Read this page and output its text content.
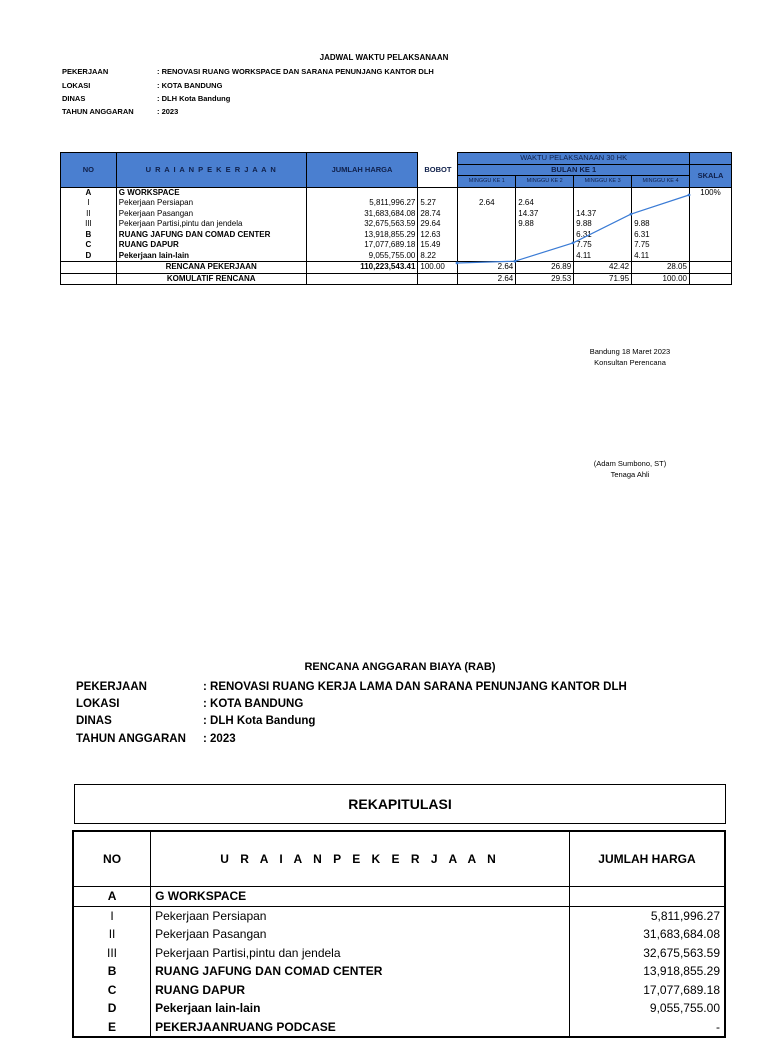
JADWAL WAKTU PELAKSANAAN
PEKERJAAN	: RENOVASI RUANG WORKSPACE DAN SARANA PENUNJANG KANTOR DLH
LOKASI	: KOTA BANDUNG
DINAS	: DLH Kota Bandung
TAHUN ANGGARAN	: 2023
NO	U R A I A N P E K E R J A A N	JUMLAH HARGA	BOBOT	WAKTU PELAKSANAAN 30 HK				
				BULAN KE 1				SKALA
				MINGGU KE 1	MINGGU KE 2	MINGGU KE 3	MINGGU KE 4	
A	G WORKSPACE							100%
I	Pekerjaan Persiapan	5,811,996.27	5.27	2.64	2.64			
II	Pekerjaan Pasangan	31,683,684.08	28.74		14.37	14.37		
III	Pekerjaan Partisi,pintu dan jendela	32,675,563.59	29.64		9.88	9.88	9.88	
B	RUANG JAFUNG DAN COMAD CENTER	13,918,855.29	12.63			6.31	6.31	
C	RUANG DAPUR	17,077,689.18	15.49			7.75	7.75	
D	Pekerjaan lain-lain	9,055,755.00	8.22			4.11	4.11	
	RENCANA PEKERJAAN	110,223,543.41	100.00	2.64	26.89	42.42	28.05	
	KOMULATIF RENCANA			2.64	29.53	71.95	100.00	
Bandung 18 Maret 2023
Konsultan Perencana
(Adam Sumbono, ST)
Tenaga Ahli
RENCANA ANGGARAN BIAYA (RAB)
PEKERJAAN	: RENOVASI RUANG KERJA LAMA DAN SARANA PENUNJANG KANTOR DLH
LOKASI	: KOTA BANDUNG
DINAS	: DLH Kota Bandung
TAHUN ANGGARAN : 2023
REKAPITULASI
NO	U R A I A N P E K E R J A A N	JUMLAH HARGA
A	G WORKSPACE	
I	Pekerjaan Persiapan	5,811,996.27
II	Pekerjaan Pasangan	31,683,684.08
III	Pekerjaan Partisi,pintu dan jendela	32,675,563.59
B	RUANG JAFUNG DAN COMAD CENTER	13,918,855.29
C	RUANG DAPUR	17,077,689.18
D	Pekerjaan lain-lain	9,055,755.00
E	PEKERJAANRUANG PODCASE	-
